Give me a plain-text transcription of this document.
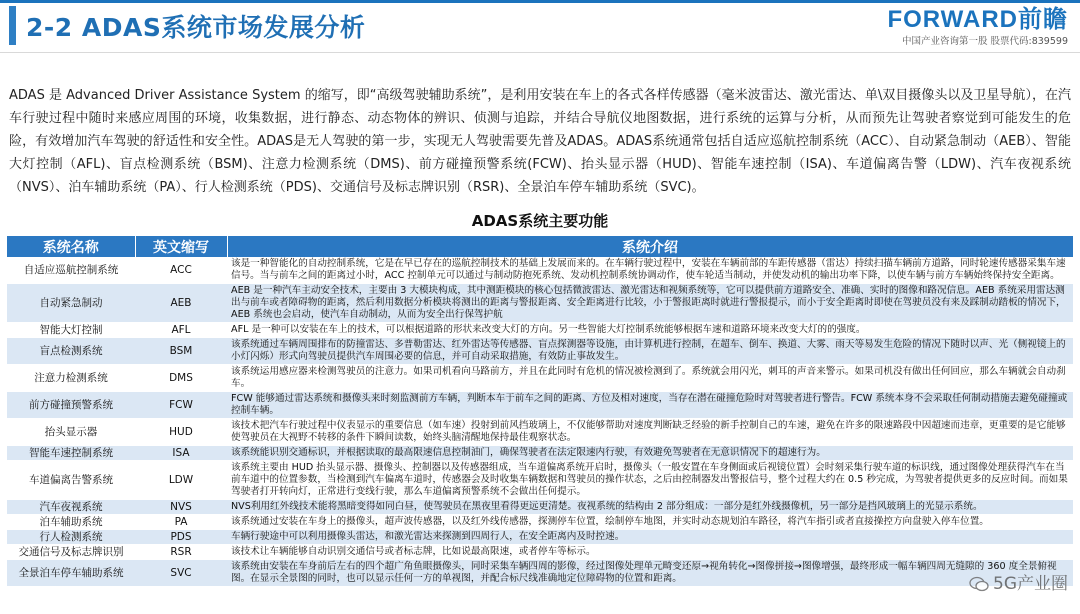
2-2 ADAS系统市场发展分析	FORWARD前瞻
中国产业咨询第一股 股票代码:839599
ADAS 是 Advanced Driver Assistance System 的缩写，即“高级驾驶辅助系统”，是利用安装在车上的各式各样传感器（毫米波雷达、激光雷达、单\双目摄像头以及卫星导航），在汽车行驶过程中随时来感应周围的环境，收集数据，进行静态、动态物体的辨识、侦测与追踪，并结合导航仪地图数据，进行系统的运算与分析，从而预先让驾驶者察觉到可能发生的危险，有效增加汽车驾驶的舒适性和安全性。ADAS是无人驾驶的第一步，实现无人驾驶需要先普及ADAS。ADAS系统通常包括自适应巡航控制系统（ACC）、自动紧急制动（AEB）、智能大灯控制（AFL)、盲点检测系统（BSM)、注意力检测系统（DMS)、前方碰撞预警系统(FCW)、抬头显示器（HUD)、智能车速控制（ISA)、车道偏离告警（LDW)、汽车夜视系统（NVS）、泊车辅助系统（PA）、行人检测系统（PDS)、交通信号及标志牌识别（RSR)、全景泊车停车辅助系统（SVC)。
ADAS系统主要功能
系统名称	英文缩写	系统介绍
自适应巡航控制系统	ACC	该是一种智能化的自动控制系统，它是在早已存在的巡航控制技术的基础上发展而来的。在车辆行驶过程中，安装在车辆前部的车距传感器（雷达）持续扫描车辆前方道路，同时轮速传感器采集车速信号。当与前车之间的距离过小时，ACC 控制单元可以通过与制动防抱死系统、发动机控制系统协调动作，使车轮适当制动，并使发动机的输出功率下降，以使车辆与前方车辆始终保持安全距离。
自动紧急制动	AEB	AEB 是一种汽车主动安全技术，主要由 3 大模块构成，其中测距模块的核心包括微波雷达、激光雷达和视频系统等，它可以提供前方道路安全、准确、实时的图像和路况信息。AEB 系统采用雷达测出与前车或者障碍物的距离，然后利用数据分析模块将测出的距离与警报距离、安全距离进行比较，小于警报距离时就进行警报提示，而小于安全距离时即使在驾驶员没有来及踩制动踏板的情况下，AEB 系统也会启动，使汽车自动制动，从而为安全出行保驾护航
智能大灯控制	AFL	AFL 是一种可以安装在车上的技术，可以根据道路的形状来改变大灯的方向。另一些智能大灯控制系统能够根据车速和道路环境来改变大灯的的强度。
盲点检测系统	BSM	该系统通过车辆周围排布的防撞雷达、多普勒雷达、红外雷达等传感器、盲点探测器等设施，由计算机进行控制，在超车、倒车、换道、大雾、雨天等易发生危险的情况下随时以声、光（侧视镜上的小灯闪烁）形式向驾驶员提供汽车周围必要的信息，并可自动采取措施，有效防止事故发生。
注意力检测系统	DMS	该系统运用感应器来检测驾驶员的注意力。如果司机看向马路前方，并且在此同时有危机的情况被检测到了。系统就会用闪光，刺耳的声音来警示。如果司机没有做出任何回应，那么车辆就会自动刹车。
前方碰撞预警系统	FCW	FCW 能够通过雷达系统和摄像头来时刻监测前方车辆，判断本车于前车之间的距离、方位及相对速度，当存在潜在碰撞危险时对驾驶者进行警告。FCW 系统本身不会采取任何制动措施去避免碰撞或控制车辆。
抬头显示器	HUD	该技术把汽车行驶过程中仪表显示的重要信息（如车速）投射到前风挡玻璃上，不仅能够帮助对速度判断缺乏经验的新手控制自己的车速，避免在许多的限速路段中因超速而违章，更重要的是它能够使驾驶员在大视野不转移的条件下瞬间读数，始终头脑清醒地保持最佳观察状态。
智能车速控制系统	ISA	该系统能识别交通标识，并根据读取的最高限速信息控制油门，确保驾驶者在法定限速内行驶，有效避免驾驶者在无意识情况下的超速行为。
车道偏离告警系统	LDW	该系统主要由 HUD 抬头显示器、摄像头、控制器以及传感器组成，当车道偏离系统开启时，摄像头（一般安置在车身侧面或后视镜位置）会时刻采集行驶车道的标识线，通过图像处理获得汽车在当前车道中的位置参数，当检测到汽车偏离车道时，传感器会及时收集车辆数据和驾驶员的操作状态，之后由控制器发出警报信号，整个过程大约在 0.5 秒完成，为驾驶者提供更多的反应时间。而如果驾驶者打开转向灯，正常进行变线行驶，那么车道偏离预警系统不会做出任何提示。
汽车夜视系统	NVS	NVS利用红外线技术能将黑暗变得如同白昼，使驾驶员在黑夜里看得更远更清楚。夜视系统的结构由 2 部分组成：一部分是红外线摄像机，另一部分是挡风玻璃上的光显示系统。
泊车辅助系统	PA	该系统通过安装在车身上的摄像头，超声波传感器，以及红外线传感器，探测停车位置，绘制停车地图，并实时动态规划泊车路径，将汽车指引或者直接操控方向盘驶入停车位置。
行人检测系统	PDS	车辆行驶途中可以利用摄像头雷达，和激光雷达来探测到四周行人，在安全距离内及时控速。
交通信号及标志牌识别	RSR	该技术让车辆能够自动识别交通信号或者标志牌，比如说最高限速，或者停车等标示。
全景泊车停车辅助系统	SVC	该系统由安装在车身前后左右的四个超广角鱼眼摄像头，同时采集车辆四周的影像，经过图像处理单元畸变还原→视角转化→图像拼接→图像增强，最终形成一幅车辆四周无缝隙的 360 度全景俯视图。在显示全景图的同时，也可以显示任何一方的单视图，并配合标尺线准确地定位障碍物的位置和距离。	5G产业圈
